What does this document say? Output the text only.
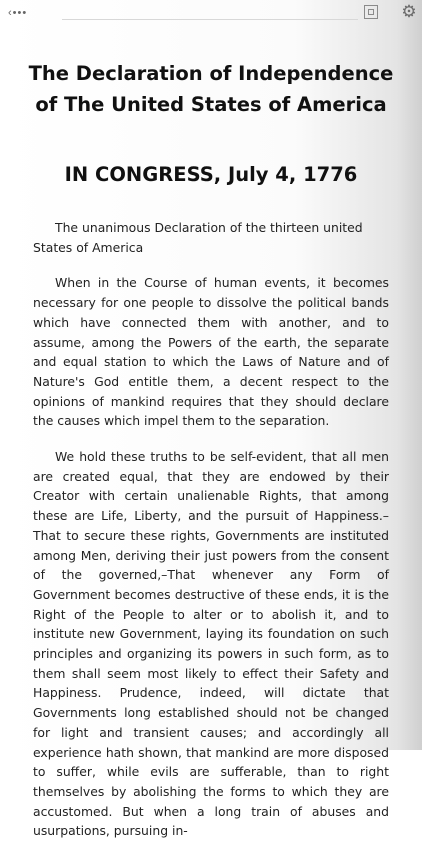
‹•••	⚙
The Declaration of Independence
of The United States of America
IN CONGRESS, July 4, 1776

The unanimous Declaration of the thirteen united States of America

When in the Course of human events, it becomes necessary for one people to dissolve the political bands which have connected them with another, and to assume, among the Powers of the earth, the separate and equal station to which the Laws of Nature and of Nature's God entitle them, a decent respect to the opinions of mankind requires that they should declare the causes which impel them to the separation.

We hold these truths to be self-evident, that all men are created equal, that they are endowed by their Creator with certain unalienable Rights, that among these are Life, Liberty, and the pursuit of Happiness.–That to secure these rights, Governments are instituted among Men, deriving their just powers from the consent of the governed,–That whenever any Form of Government becomes destructive of these ends, it is the Right of the People to alter or to abolish it, and to institute new Government, laying its foundation on such principles and organizing its powers in such form, as to them shall seem most likely to effect their Safety and Happiness. Prudence, indeed, will dictate that Governments long established should not be changed for light and transient causes; and accordingly all experience hath shown, that mankind are more disposed to suffer, while evils are sufferable, than to right themselves by abolishing the forms to which they are accustomed. But when a long train of abuses and usurpations, pursuing in-
